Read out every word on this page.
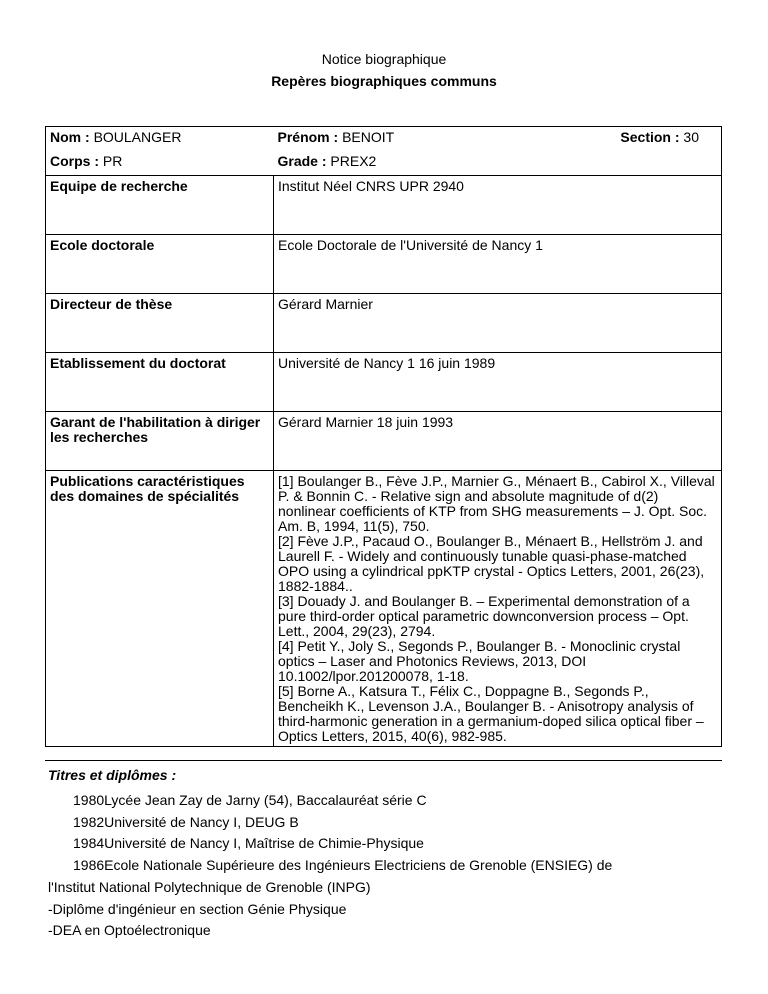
Notice biographique
Repères biographiques communs
Nom : BOULANGER	Prénom : BENOIT	Section : 30
Corps : PR	Grade : PREX2	
Equipe de recherche	Institut Néel CNRS UPR 2940	
Ecole doctorale	Ecole Doctorale de l'Université de Nancy 1	
Directeur de thèse	Gérard Marnier	
Etablissement du doctorat	Université de Nancy 1 16 juin 1989	
Garant de l'habilitation à diriger les recherches	Gérard Marnier 18 juin 1993	
Publications caractéristiques des domaines de spécialités	[1] Boulanger B., Fève J.P., Marnier G., Ménaert B., Cabirol X., Villeval P. & Bonnin C. - Relative sign and absolute magnitude of d(2) nonlinear coefficients of KTP from SHG measurements – J. Opt. Soc. Am. B, 1994, 11(5), 750.
[2] Fève J.P., Pacaud O., Boulanger B., Ménaert B., Hellström J. and Laurell F. - Widely and continuously tunable quasi-phase-matched OPO using a cylindrical ppKTP crystal - Optics Letters, 2001, 26(23), 1882-1884..
[3] Douady J. and Boulanger B. – Experimental demonstration of a pure third-order optical parametric downconversion process – Opt. Lett., 2004, 29(23), 2794.
[4] Petit Y., Joly S., Segonds P., Boulanger B. - Monoclinic crystal optics – Laser and Photonics Reviews, 2013, DOI 10.1002/lpor.201200078, 1-18.
[5] Borne A., Katsura T., Félix C., Doppagne B., Segonds P., Bencheikh K., Levenson J.A., Boulanger B. - Anisotropy analysis of third-harmonic generation in a germanium-doped silica optical fiber – Optics Letters, 2015, 40(6), 982-985.	
Titres et diplômes :
1980Lycée Jean Zay de Jarny (54), Baccalauréat série C
1982Université de Nancy I, DEUG B
1984Université de Nancy I, Maîtrise de Chimie-Physique
1986Ecole Nationale Supérieure des Ingénieurs Electriciens de Grenoble (ENSIEG) de
l'Institut National Polytechnique de Grenoble (INPG)
-Diplôme d'ingénieur en section Génie Physique
-DEA en Optoélectronique
